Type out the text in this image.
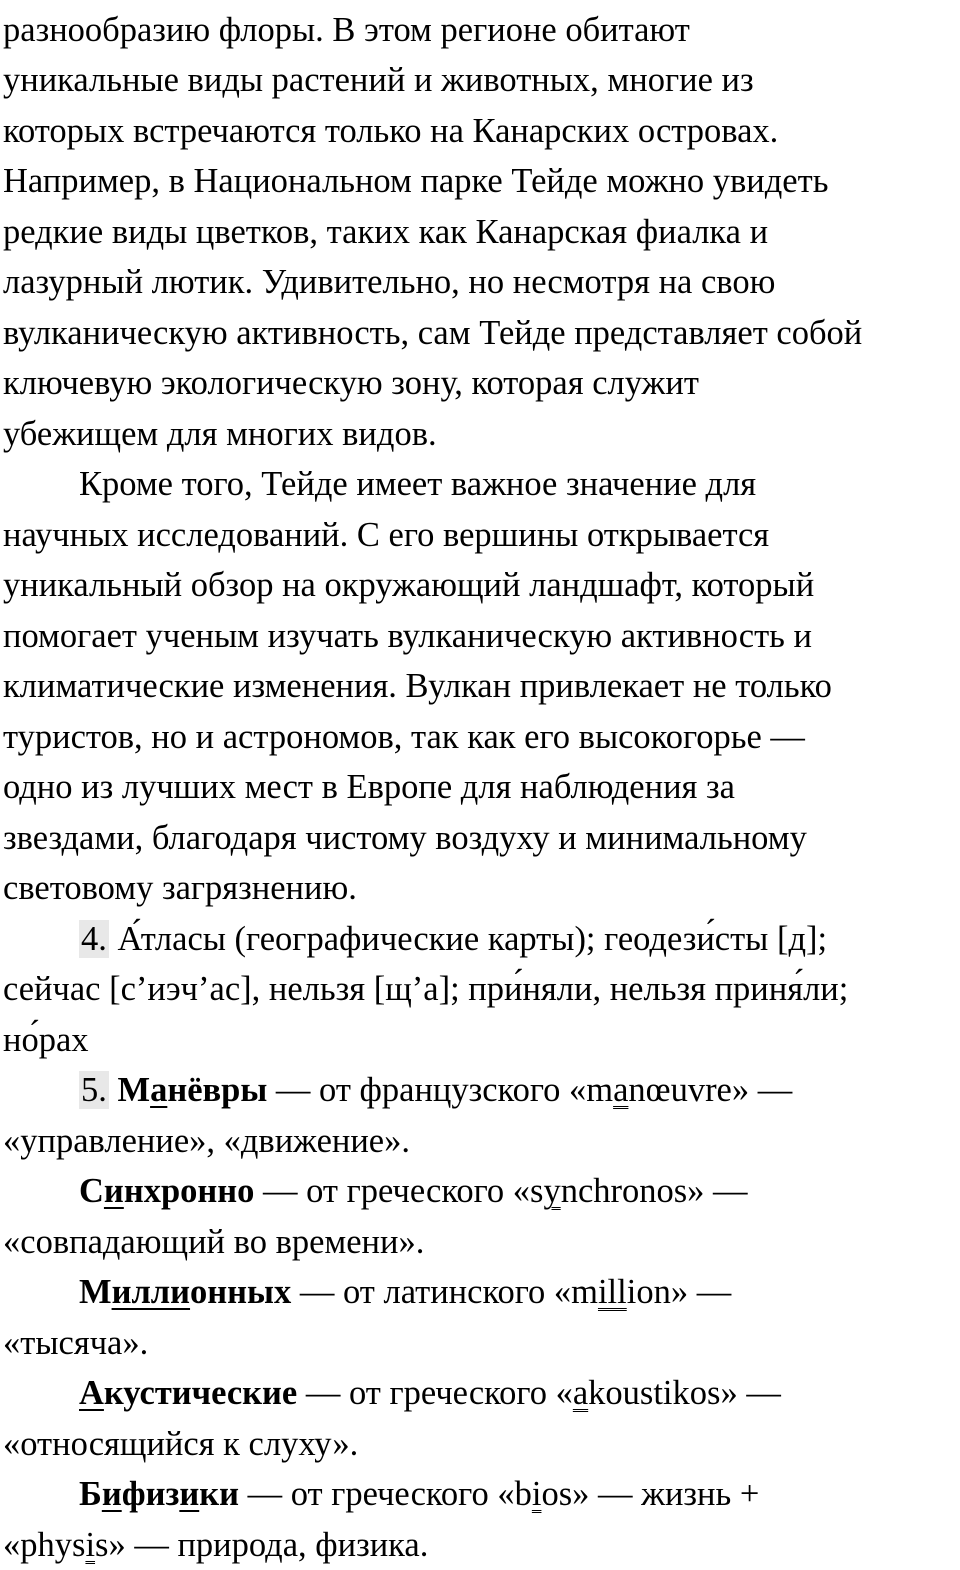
разнообразию флоры. В этом регионе обитают
уникальные виды растений и животных, многие из
которых встречаются только на Канарских островах.
Например, в Национальном парке Тейде можно увидеть
редкие виды цветков, таких как Канарская фиалка и
лазурный лютик. Удивительно, но несмотря на свою
вулканическую активность, сам Тейде представляет собой
ключевую экологическую зону, которая служит
убежищем для многих видов.
Кроме того, Тейде имеет важное значение для
научных исследований. С его вершины открывается
уникальный обзор на окружающий ландшафт, который
помогает ученым изучать вулканическую активность и
климатические изменения. Вулкан привлекает не только
туристов, но и астрономов, так как его высокогорье —
одно из лучших мест в Европе для наблюдения за
звездами, благодаря чистому воздуху и минимальному
световому загрязнению.
4. А́тласы (географические карты); геодези́сты [д];
сейчас [с’иэч’ас], нельзя [щ’а]; при́няли, нельзя приня́ли;
но́рах
5. Манёвры — от французского «manœuvre» —
«управление», «движение».
Синхронно — от греческого «synchronos» —
«совпадающий во времени».
Миллионных — от латинского «million» —
«тысяча».
Акустические — от греческого «akoustikos» —
«относящийся к слуху».
Бифизики — от греческого «bios» — жизнь +
«physis» — природа, физика.
